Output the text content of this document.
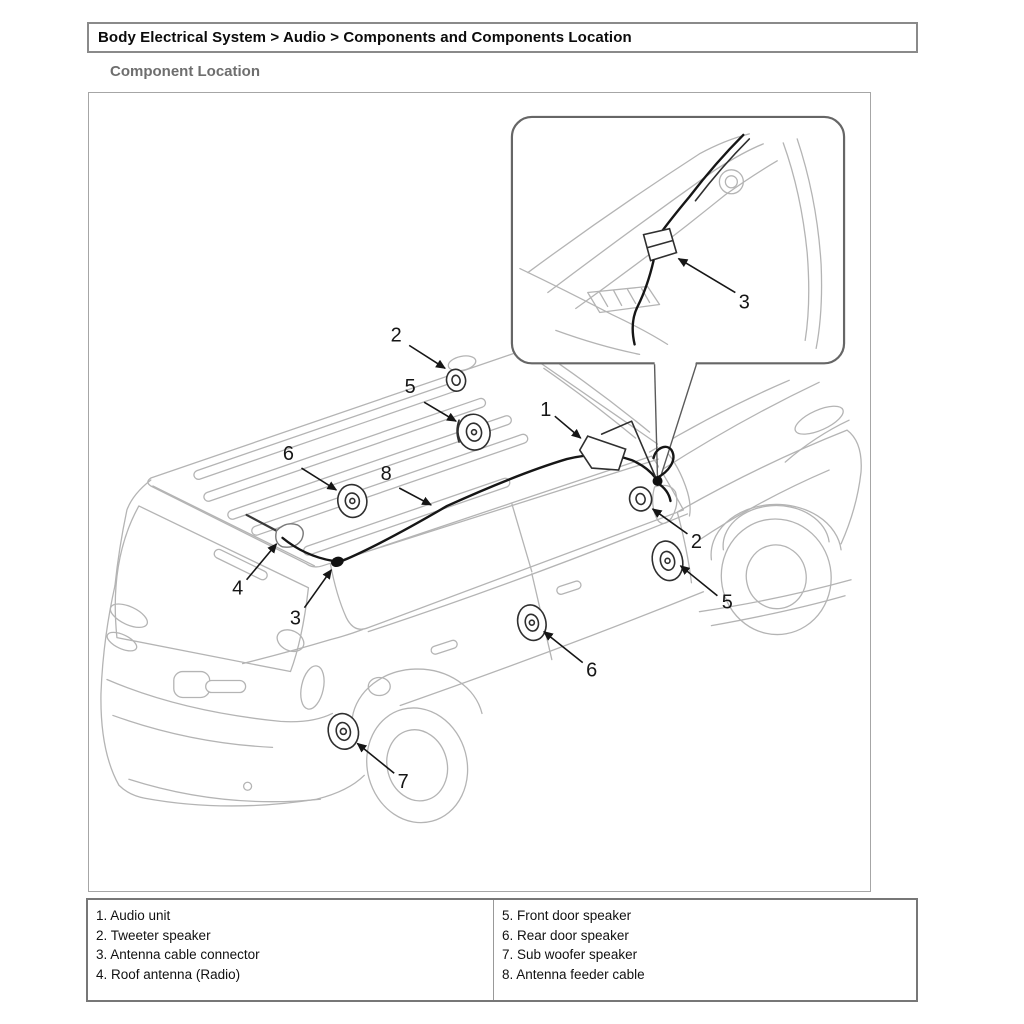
Body Electrical System > Audio > Components and Components Location
Component Location
1
2
5
6
8
4
3
2
5
6
7
3
1. Audio unit
2. Tweeter speaker
3. Antenna cable connector
4. Roof antenna (Radio)
5. Front door speaker
6. Rear door speaker
7. Sub woofer speaker
8. Antenna feeder cable
